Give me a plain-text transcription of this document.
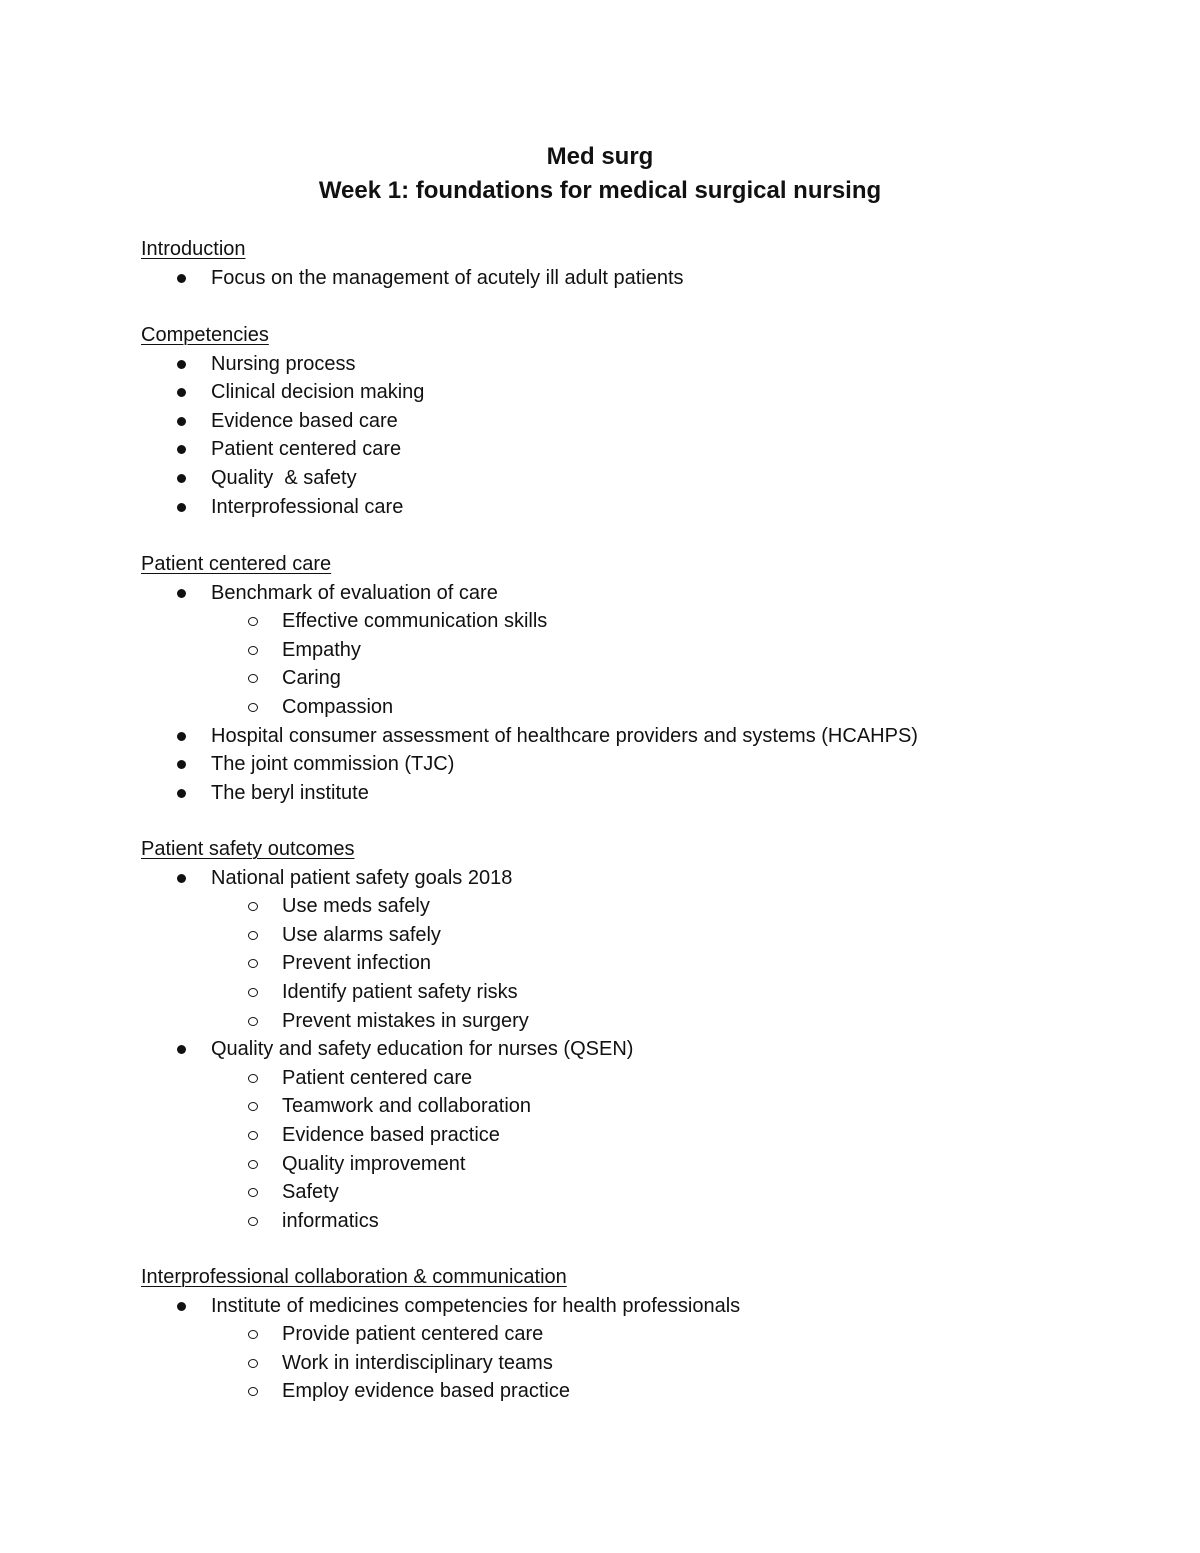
Med surg
Week 1: foundations for medical surgical nursing
Introduction
Focus on the management of acutely ill adult patients
Competencies
Nursing process
Clinical decision making
Evidence based care
Patient centered care
Quality  & safety
Interprofessional care
Patient centered care
Benchmark of evaluation of care
Effective communication skills
Empathy
Caring
Compassion
Hospital consumer assessment of healthcare providers and systems (HCAHPS)
The joint commission (TJC)
The beryl institute
Patient safety outcomes
National patient safety goals 2018
Use meds safely
Use alarms safely
Prevent infection
Identify patient safety risks
Prevent mistakes in surgery
Quality and safety education for nurses (QSEN)
Patient centered care
Teamwork and collaboration
Evidence based practice
Quality improvement
Safety
informatics
Interprofessional collaboration & communication
Institute of medicines competencies for health professionals
Provide patient centered care
Work in interdisciplinary teams
Employ evidence based practice
